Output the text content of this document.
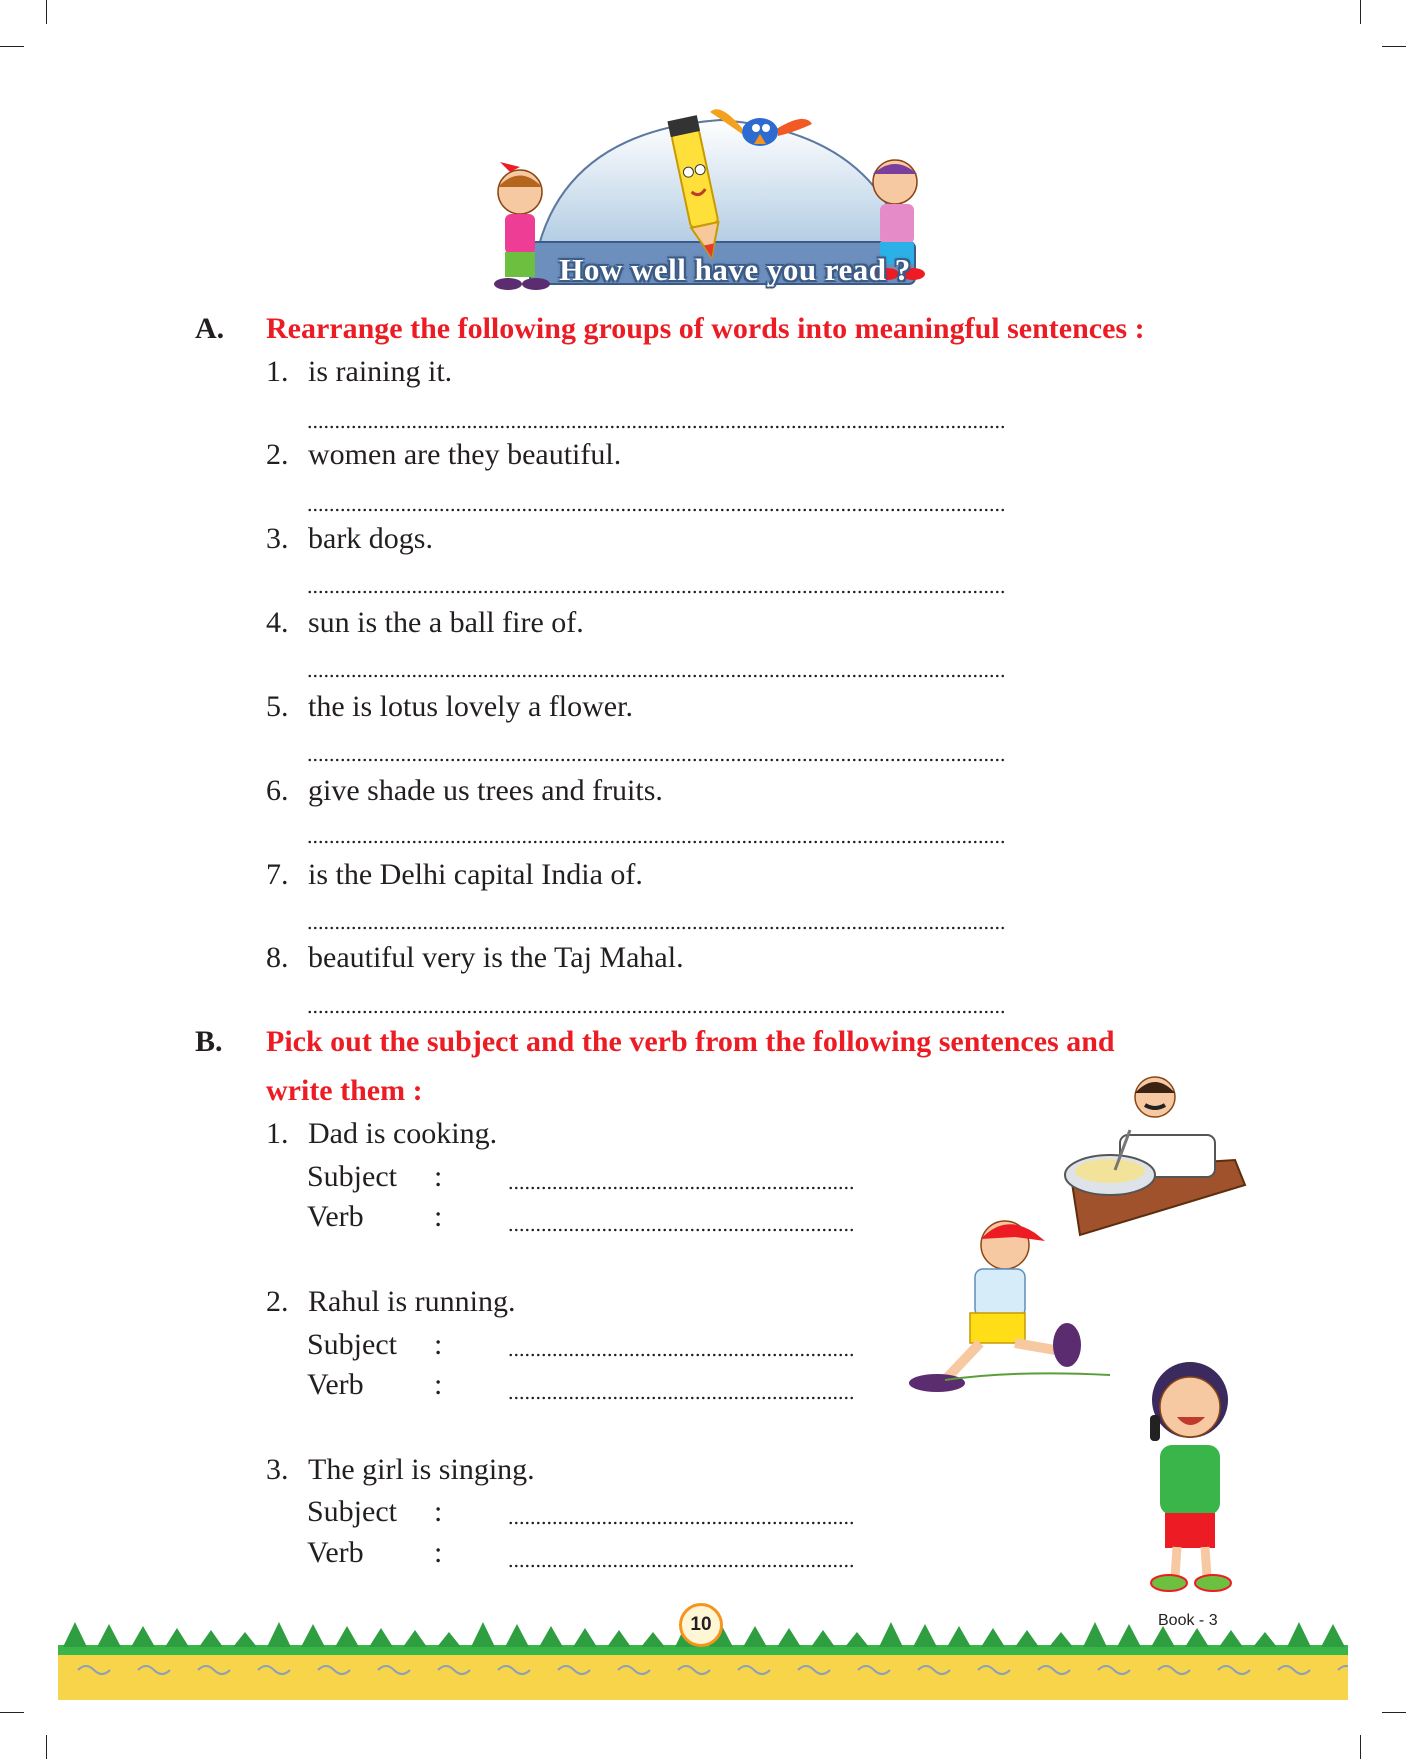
How well have you read ?
A. Rearrange the following groups of words into meaningful sentences :
1. is raining it.
2. women are they beautiful.
3. bark dogs.
4. sun is the a ball fire of.
5. the is lotus lovely a flower.
6. give shade us trees and fruits.
7. is the Delhi capital India of.
8. beautiful very is the Taj Mahal.
B. Pick out the subject and the verb from the following sentences and
write them :
1. Dad is cooking.
Subject :
Verb :
2. Rahul is running.
Subject :
Verb :
3. The girl is singing.
Subject :
Verb :
10	Book - 3
